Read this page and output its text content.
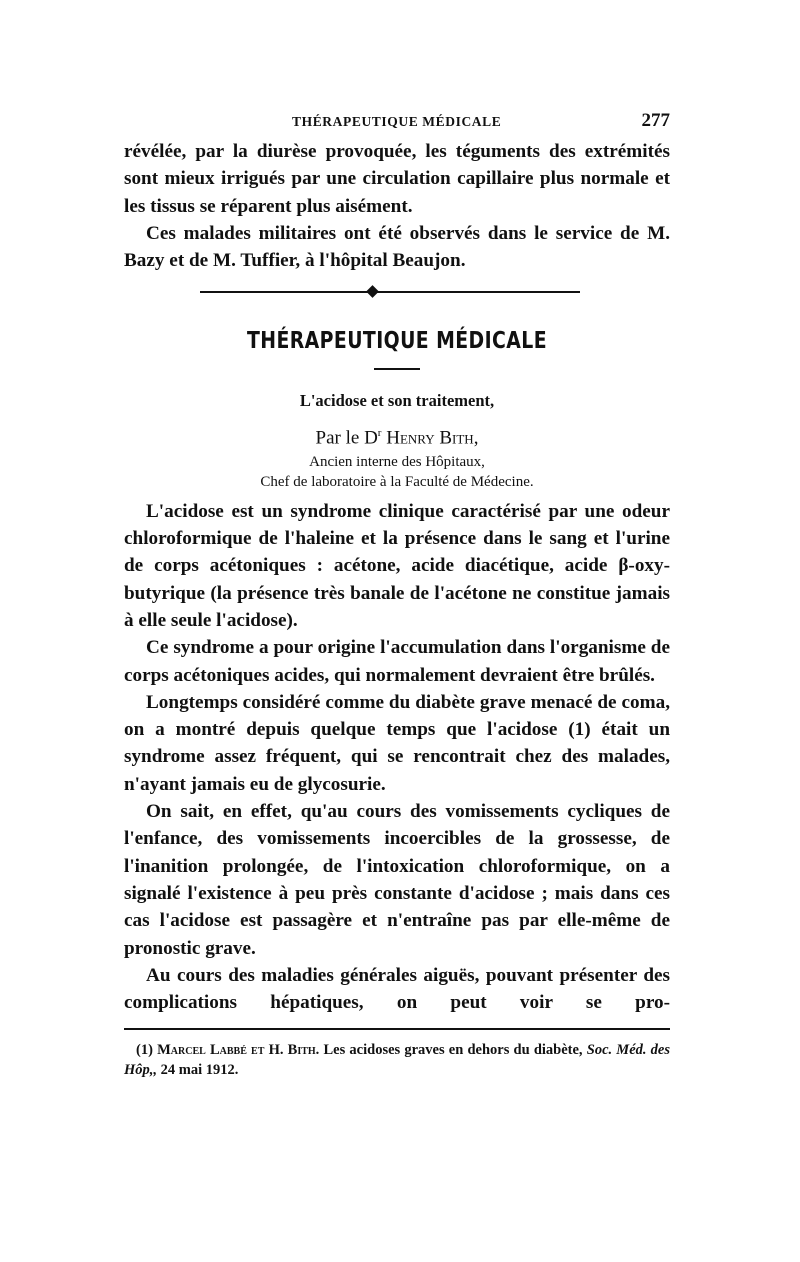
THÉRAPEUTIQUE MÉDICALE	277

révélée, par la diurèse provoquée, les téguments des extrémités sont mieux irrigués par une circulation capillaire plus normale et les tissus se réparent plus aisément.

Ces malades militaires ont été observés dans le service de M. Bazy et de M. Tuffier, à l'hôpital Beaujon.

THÉRAPEUTIQUE MÉDICALE
L'acidose et son traitement,
Par le $D^r$ Henry Bith,
Ancien interne des Hôpitaux,
Chef de laboratoire à la Faculté de Médecine.

L'acidose est un syndrome clinique caractérisé par une odeur chloroformique de l'haleine et la présence dans le sang et l'urine de corps acétoniques : acétone, acide diacétique, acide β-oxy-butyrique (la présence très banale de l'acétone ne constitue jamais à elle seule l'acidose).

Ce syndrome a pour origine l'accumulation dans l'organisme de corps acétoniques acides, qui normalement devraient être brûlés.

Longtemps considéré comme du diabète grave menacé de coma, on a montré depuis quelque temps que l'acidose (1) était un syndrome assez fréquent, qui se rencontrait chez des malades, n'ayant jamais eu de glycosurie.

On sait, en effet, qu'au cours des vomissements cycliques de l'enfance, des vomissements incoercibles de la grossesse, de l'inanition prolongée, de l'intoxication chloroformique, on a signalé l'existence à peu près constante d'acidose ; mais dans ces cas l'acidose est passagère et n'entraîne pas par elle-même de pronostic grave.

Au cours des maladies générales aiguës, pouvant présenter des complications hépatiques, on peut voir se pro-

(1) Marcel Labbé et H. Bith. Les acidoses graves en dehors du diabète, Soc. Méd. des Hôp,, 24 mai 1912.
